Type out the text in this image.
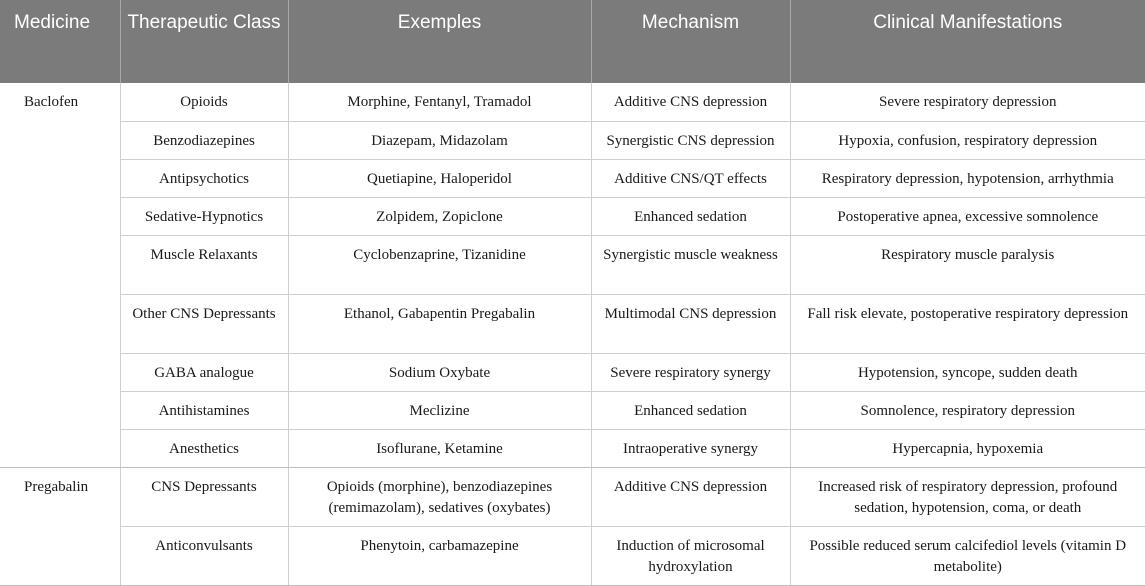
Medicine	Therapeutic Class	Exemples	Mechanism	Clinical Manifestations
Baclofen	Opioids	Morphine, Fentanyl, Tramadol	Additive CNS depression	Severe respiratory depression
	Benzodiazepines	Diazepam, Midazolam	Synergistic CNS depression	Hypoxia, confusion, respiratory depression
	Antipsychotics	Quetiapine, Haloperidol	Additive CNS/QT effects	Respiratory depression, hypotension, arrhythmia
	Sedative-Hypnotics	Zolpidem, Zopiclone	Enhanced sedation	Postoperative apnea, excessive somnolence
	Muscle Relaxants	Cyclobenzaprine, Tizanidine	Synergistic muscle weakness	Respiratory muscle paralysis
	Other CNS Depressants	Ethanol, Gabapentin Pregabalin	Multimodal CNS depression	Fall risk elevate, postoperative respiratory depression
	GABA analogue	Sodium Oxybate	Severe respiratory synergy	Hypotension, syncope, sudden death
	Antihistamines	Meclizine	Enhanced sedation	Somnolence, respiratory depression
	Anesthetics	Isoflurane, Ketamine	Intraoperative synergy	Hypercapnia, hypoxemia
Pregabalin	CNS Depressants	Opioids (morphine), benzodiazepines (remimazolam), sedatives (oxybates)	Additive CNS depression	Increased risk of respiratory depression, profound sedation, hypotension, coma, or death
	Anticonvulsants	Phenytoin, carbamazepine	Induction of microsomal hydroxylation	Possible reduced serum calcifediol levels (vitamin D metabolite)
